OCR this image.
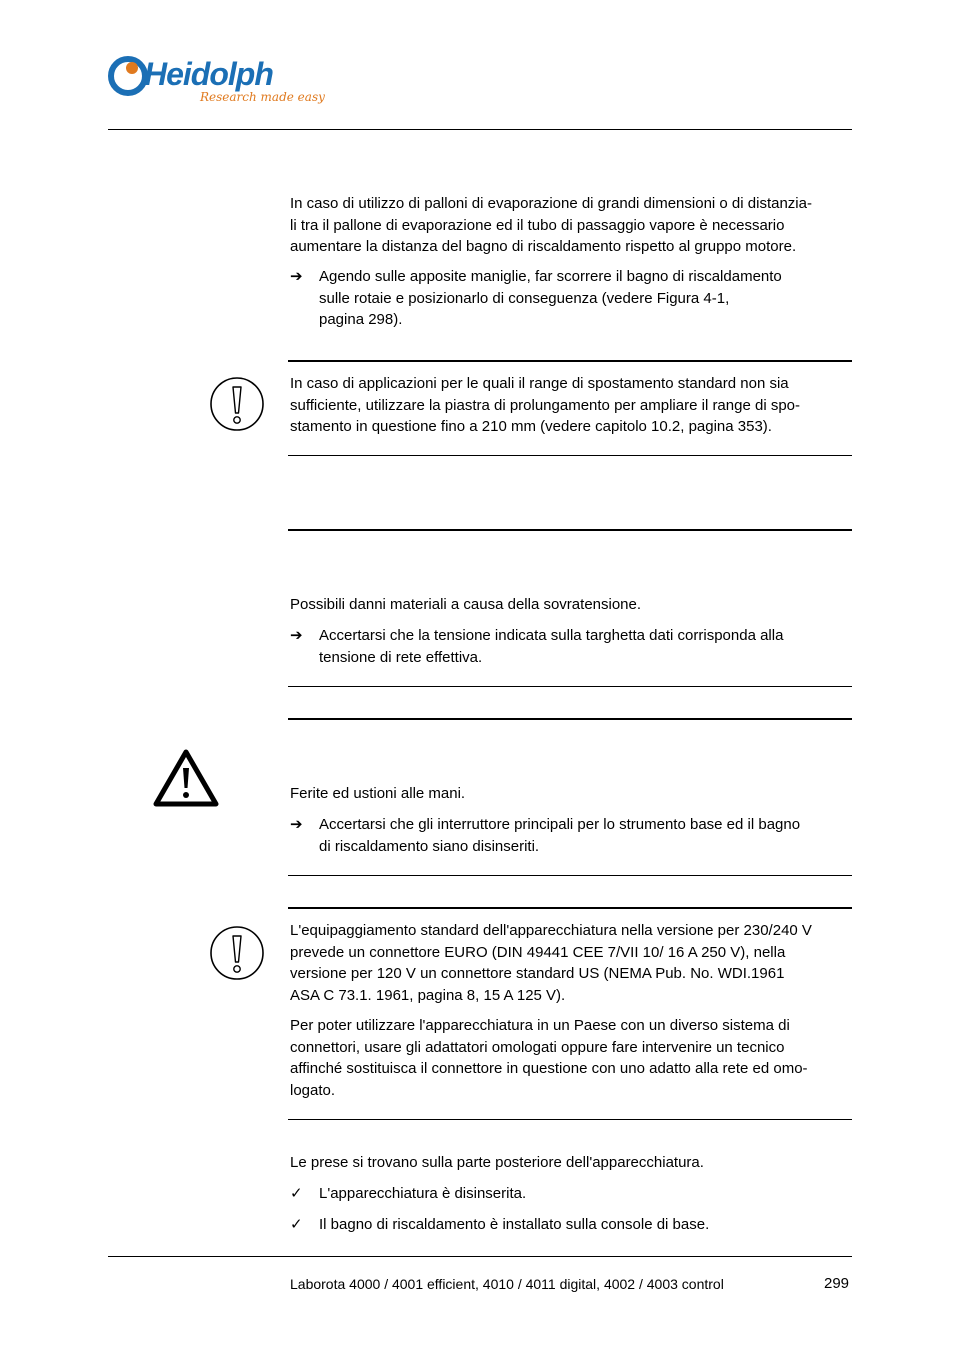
Heidolph
Research made easy
In caso di utilizzo di palloni di evaporazione di grandi dimensioni o di distanzia-
li tra il pallone di evaporazione ed il tubo di passaggio vapore è necessario
aumentare la distanza del bagno di riscaldamento rispetto al gruppo motore.
➔	Agendo sulle apposite maniglie, far scorrere il bagno di riscaldamento
sulle rotaie e posizionarlo di conseguenza (vedere Figura 4-1,
pagina 298).
In caso di applicazioni per le quali il range di spostamento standard non sia
sufficiente, utilizzare la piastra di prolungamento per ampliare il range di spo-
stamento in questione fino a 210 mm (vedere capitolo 10.2, pagina 353).
Possibili danni materiali a causa della sovratensione.
➔	Accertarsi che la tensione indicata sulla targhetta dati corrisponda alla
tensione di rete effettiva.
Ferite ed ustioni alle mani.
➔	Accertarsi che gli interruttore principali per lo strumento base ed il bagno
di riscaldamento siano disinseriti.
L'equipaggiamento standard dell'apparecchiatura nella versione per 230/240 V
prevede un connettore EURO (DIN 49441 CEE 7/VII 10/ 16 A 250 V), nella
versione per 120 V un connettore standard US (NEMA Pub. No. WDI.1961
ASA C 73.1. 1961, pagina 8, 15 A 125 V).
Per poter utilizzare l'apparecchiatura in un Paese con un diverso sistema di
connettori, usare gli adattatori omologati oppure fare intervenire un tecnico
affinché sostituisca il connettore in questione con uno adatto alla rete ed omo-
logato.
Le prese si trovano sulla parte posteriore dell'apparecchiatura.
✓	L'apparecchiatura è disinserita.
✓	Il bagno di riscaldamento è installato sulla console di base.
Laborota 4000 / 4001 efficient, 4010 / 4011 digital, 4002 / 4003 control	299
